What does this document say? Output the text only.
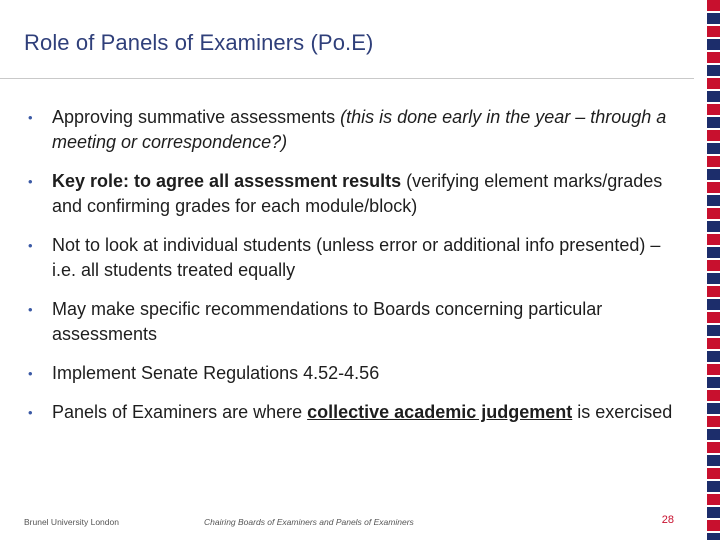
Role of Panels of Examiners (Po.E)
• Approving summative assessments (this is done early in the year – through a meeting or correspondence?)
• Key role: to agree all assessment results (verifying element marks/grades and confirming grades for each module/block)
• Not to look at individual students (unless error or additional info presented) – i.e. all students treated equally
• May make specific recommendations to Boards concerning particular assessments
• Implement Senate Regulations 4.52-4.56
• Panels of Examiners are where collective academic judgement is exercised
Brunel University London	Chairing Boards of Examiners and Panels of Examiners	28
